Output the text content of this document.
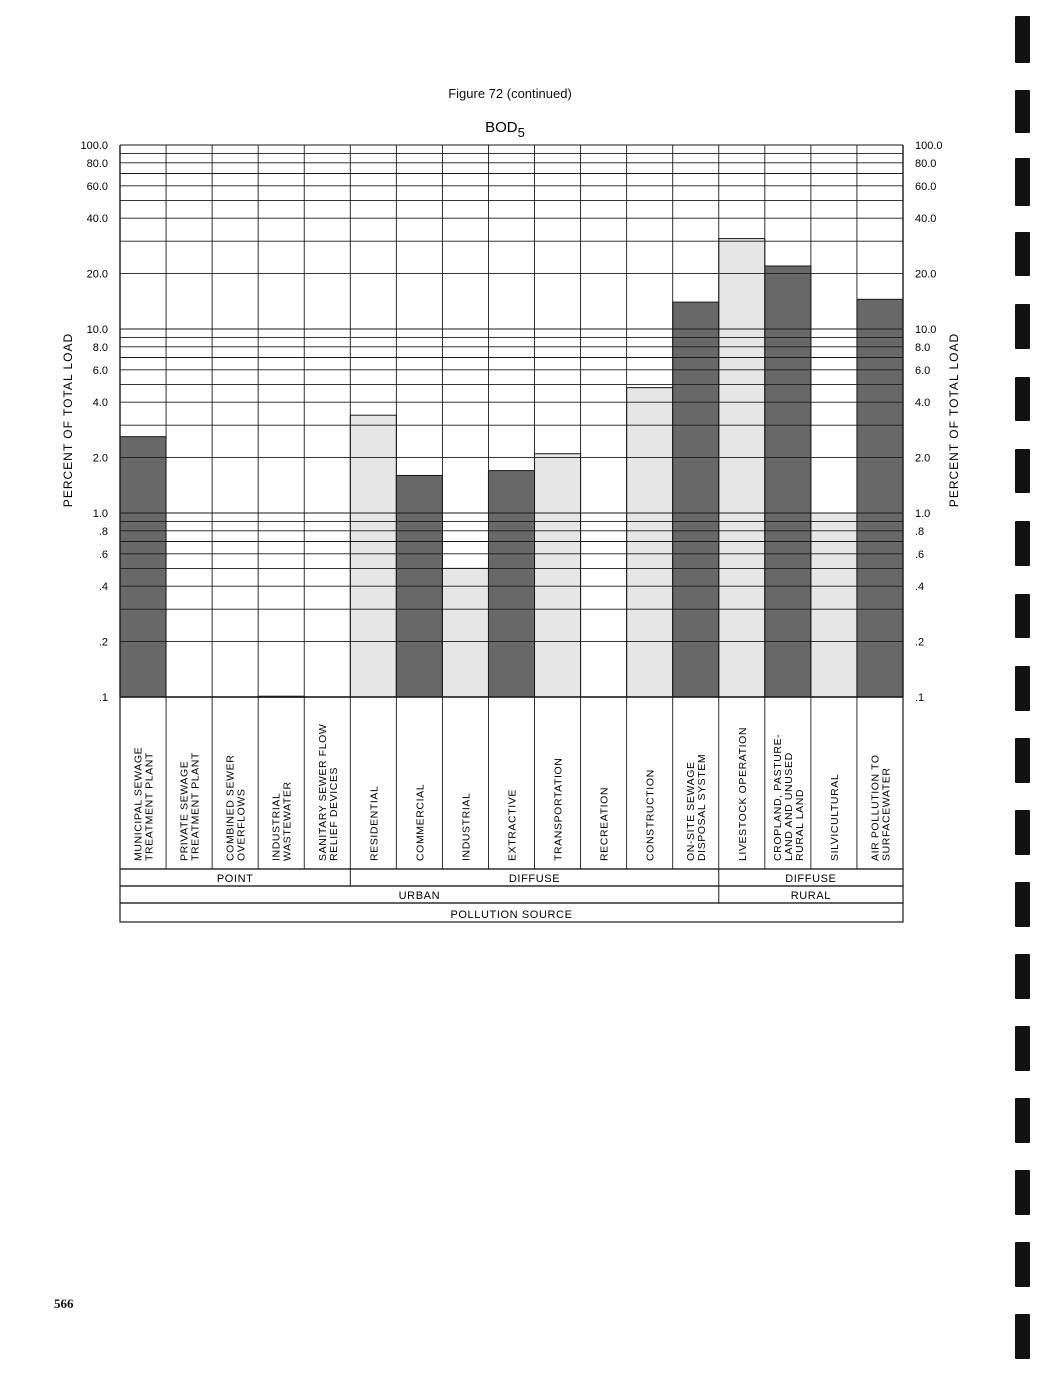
Figure 72 (continued)
BOD5
PERCENT OF TOTAL LOAD	PERCENT OF TOTAL LOAD
100.0	100.0
80.0	80.0
60.0	60.0
40.0	40.0
20.0	20.0
10.0	10.0
8.0	8.0
6.0	6.0
4.0	4.0
2.0	2.0
1.0	1.0
.8	.8
.6	.6
.4	.4
.2	.2
.1	.1
MUNICIPAL SEWAGE TREATMENT PLANT PRIVATE SEWAGE TREATMENT PLANT COMBINED SEWER OVERFLOWS INDUSTRIAL WASTEWATER SANITARY SEWER FLOW RELIEF DEVICES	RESIDENTIAL	COMMERCIAL	INDUSTRIAL	EXTRACTIVE	TRANSPORTATION	RECREATION	CONSTRUCTION	ON-SITE SEWAGE DISPOSAL SYSTEM	LIVESTOCK OPERATION CROPLAND, PASTURE- LAND AND UNUSED RURAL LAND SILVICULTURAL	AIR POLLUTION TO SURFACEWATER
POINT	DIFFUSE	DIFFUSE
URBAN	RURAL
POLLUTION SOURCE
566
